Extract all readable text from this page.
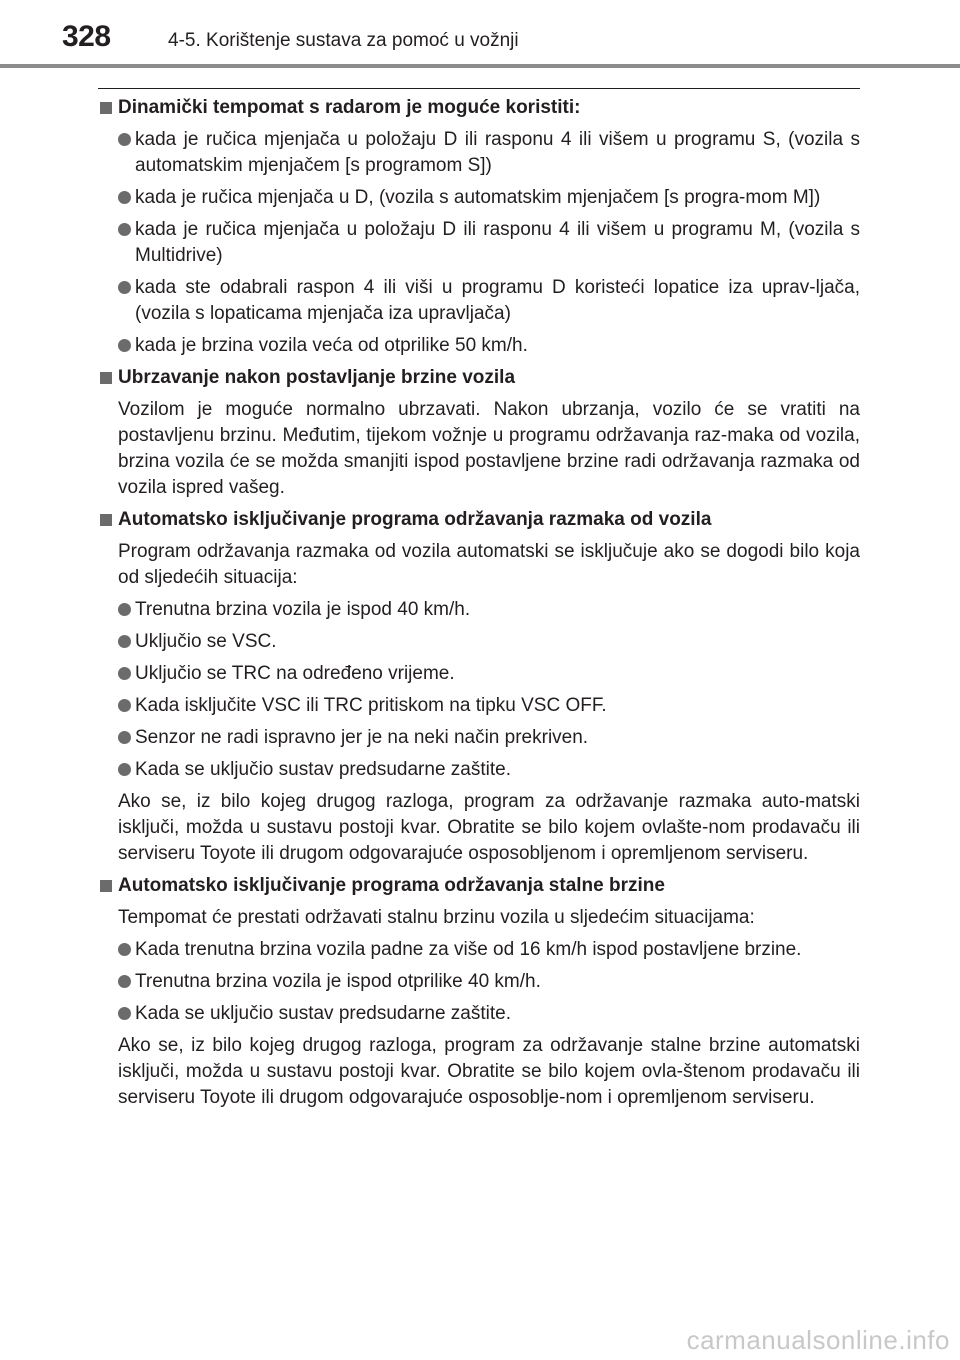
328	4-5. Korištenje sustava za pomoć u vožnji
Dinamički tempomat s radarom je moguće koristiti:
kada je ručica mjenjača u položaju D ili rasponu 4 ili višem u programu S, (vozila s automatskim mjenjačem [s programom S])
kada je ručica mjenjača u D, (vozila s automatskim mjenjačem [s progra-mom M])
kada je ručica mjenjača u položaju D ili rasponu 4 ili višem u programu M, (vozila s Multidrive)
kada ste odabrali raspon 4 ili viši u programu D koristeći lopatice iza uprav-ljača, (vozila s lopaticama mjenjača iza upravljača)
kada je brzina vozila veća od otprilike 50 km/h.
Ubrzavanje nakon postavljanje brzine vozila
Vozilom je moguće normalno ubrzavati. Nakon ubrzanja, vozilo će se vratiti na postavljenu brzinu. Međutim, tijekom vožnje u programu održavanja raz-maka od vozila, brzina vozila će se možda smanjiti ispod postavljene brzine radi održavanja razmaka od vozila ispred vašeg.
Automatsko isključivanje programa održavanja razmaka od vozila
Program održavanja razmaka od vozila automatski se isključuje ako se dogodi bilo koja od sljedećih situacija:
Trenutna brzina vozila je ispod 40 km/h.
Uključio se VSC.
Uključio se TRC na određeno vrijeme.
Kada isključite VSC ili TRC pritiskom na tipku VSC OFF.
Senzor ne radi ispravno jer je na neki način prekriven.
Kada se uključio sustav predsudarne zaštite.
Ako se, iz bilo kojeg drugog razloga, program za održavanje razmaka auto-matski isključi, možda u sustavu postoji kvar. Obratite se bilo kojem ovlašte-nom prodavaču ili serviseru Toyote ili drugom odgovarajuće osposobljenom i opremljenom serviseru.
Automatsko isključivanje programa održavanja stalne brzine
Tempomat će prestati održavati stalnu brzinu vozila u sljedećim situacijama:
Kada trenutna brzina vozila padne za više od 16 km/h ispod postavljene brzine.
Trenutna brzina vozila je ispod otprilike 40 km/h.
Kada se uključio sustav predsudarne zaštite.
Ako se, iz bilo kojeg drugog razloga, program za održavanje stalne brzine automatski isključi, možda u sustavu postoji kvar. Obratite se bilo kojem ovla-štenom prodavaču ili serviseru Toyote ili drugom odgovarajuće osposoblje-nom i opremljenom serviseru.
carmanualsonline.info
